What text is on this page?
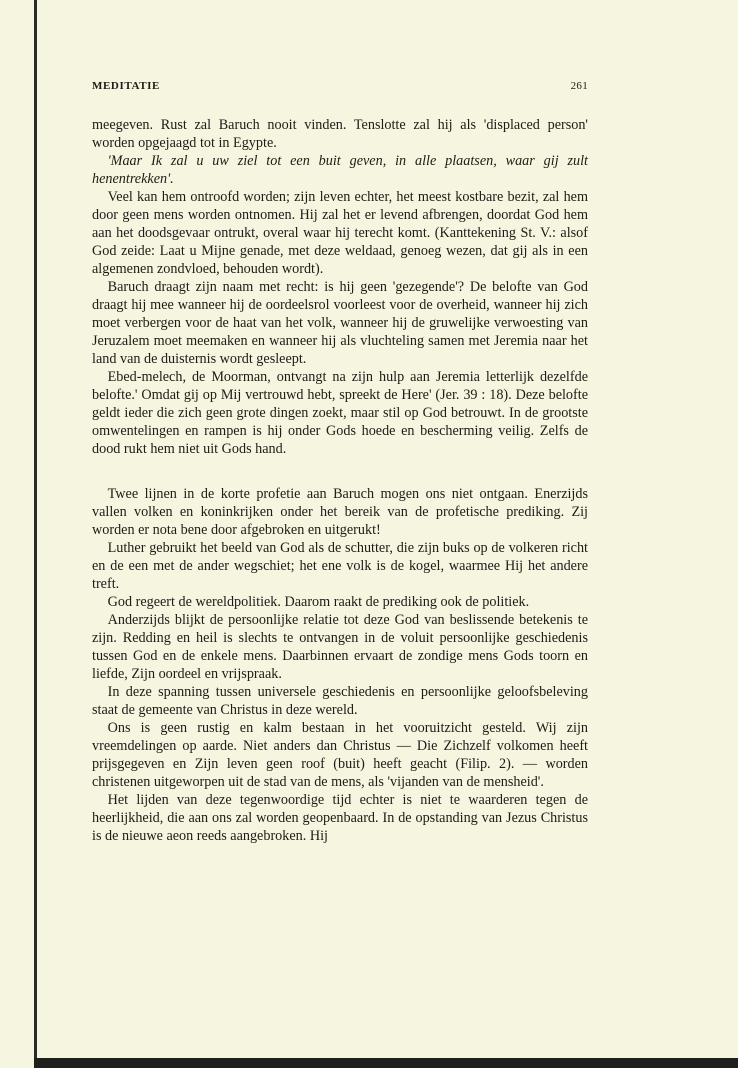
MEDITATIE	261

meegeven. Rust zal Baruch nooit vinden. Tenslotte zal hij als 'displaced person' worden opgejaagd tot in Egypte.

'Maar Ik zal u uw ziel tot een buit geven, in alle plaatsen, waar gij zult henentrekken'.

Veel kan hem ontroofd worden; zijn leven echter, het meest kostbare bezit, zal hem door geen mens worden ontnomen. Hij zal het er levend afbrengen, doordat God hem aan het doodsgevaar ontrukt, overal waar hij terecht komt. (Kanttekening St. V.: alsof God zeide: Laat u Mijne genade, met deze weldaad, genoeg wezen, dat gij als in een algemenen zondvloed, behouden wordt).

Baruch draagt zijn naam met recht: is hij geen 'gezegende'? De belofte van God draagt hij mee wanneer hij de oordeelsrol voorleest voor de overheid, wanneer hij zich moet verbergen voor de haat van het volk, wanneer hij de gruwelijke verwoesting van Jeruzalem moet meemaken en wanneer hij als vluchteling samen met Jeremia naar het land van de duisternis wordt gesleept.

Ebed-melech, de Moorman, ontvangt na zijn hulp aan Jeremia letterlijk dezelfde belofte.' Omdat gij op Mij vertrouwd hebt, spreekt de Here' (Jer. 39 : 18). Deze belofte geldt ieder die zich geen grote dingen zoekt, maar stil op God betrouwt. In de grootste omwentelingen en rampen is hij onder Gods hoede en bescherming veilig. Zelfs de dood rukt hem niet uit Gods hand.

Twee lijnen in de korte profetie aan Baruch mogen ons niet ontgaan. Enerzijds vallen volken en koninkrijken onder het bereik van de profetische prediking. Zij worden er nota bene door afgebroken en uitgerukt!

Luther gebruikt het beeld van God als de schutter, die zijn buks op de volkeren richt en de een met de ander wegschiet; het ene volk is de kogel, waarmee Hij het andere treft.

God regeert de wereldpolitiek. Daarom raakt de prediking ook de politiek.

Anderzijds blijkt de persoonlijke relatie tot deze God van beslissende betekenis te zijn. Redding en heil is slechts te ontvangen in de voluit persoonlijke geschiedenis tussen God en de enkele mens. Daarbinnen ervaart de zondige mens Gods toorn en liefde, Zijn oordeel en vrijspraak.

In deze spanning tussen universele geschiedenis en persoonlijke geloofsbeleving staat de gemeente van Christus in deze wereld.

Ons is geen rustig en kalm bestaan in het vooruitzicht gesteld. Wij zijn vreemdelingen op aarde. Niet anders dan Christus — Die Zichzelf volkomen heeft prijsgegeven en Zijn leven geen roof (buit) heeft geacht (Filip. 2). — worden christenen uitgeworpen uit de stad van de mens, als 'vijanden van de mensheid'.

Het lijden van deze tegenwoordige tijd echter is niet te waarderen tegen de heerlijkheid, die aan ons zal worden geopenbaard. In de opstanding van Jezus Christus is de nieuwe aeon reeds aangebroken. Hij
